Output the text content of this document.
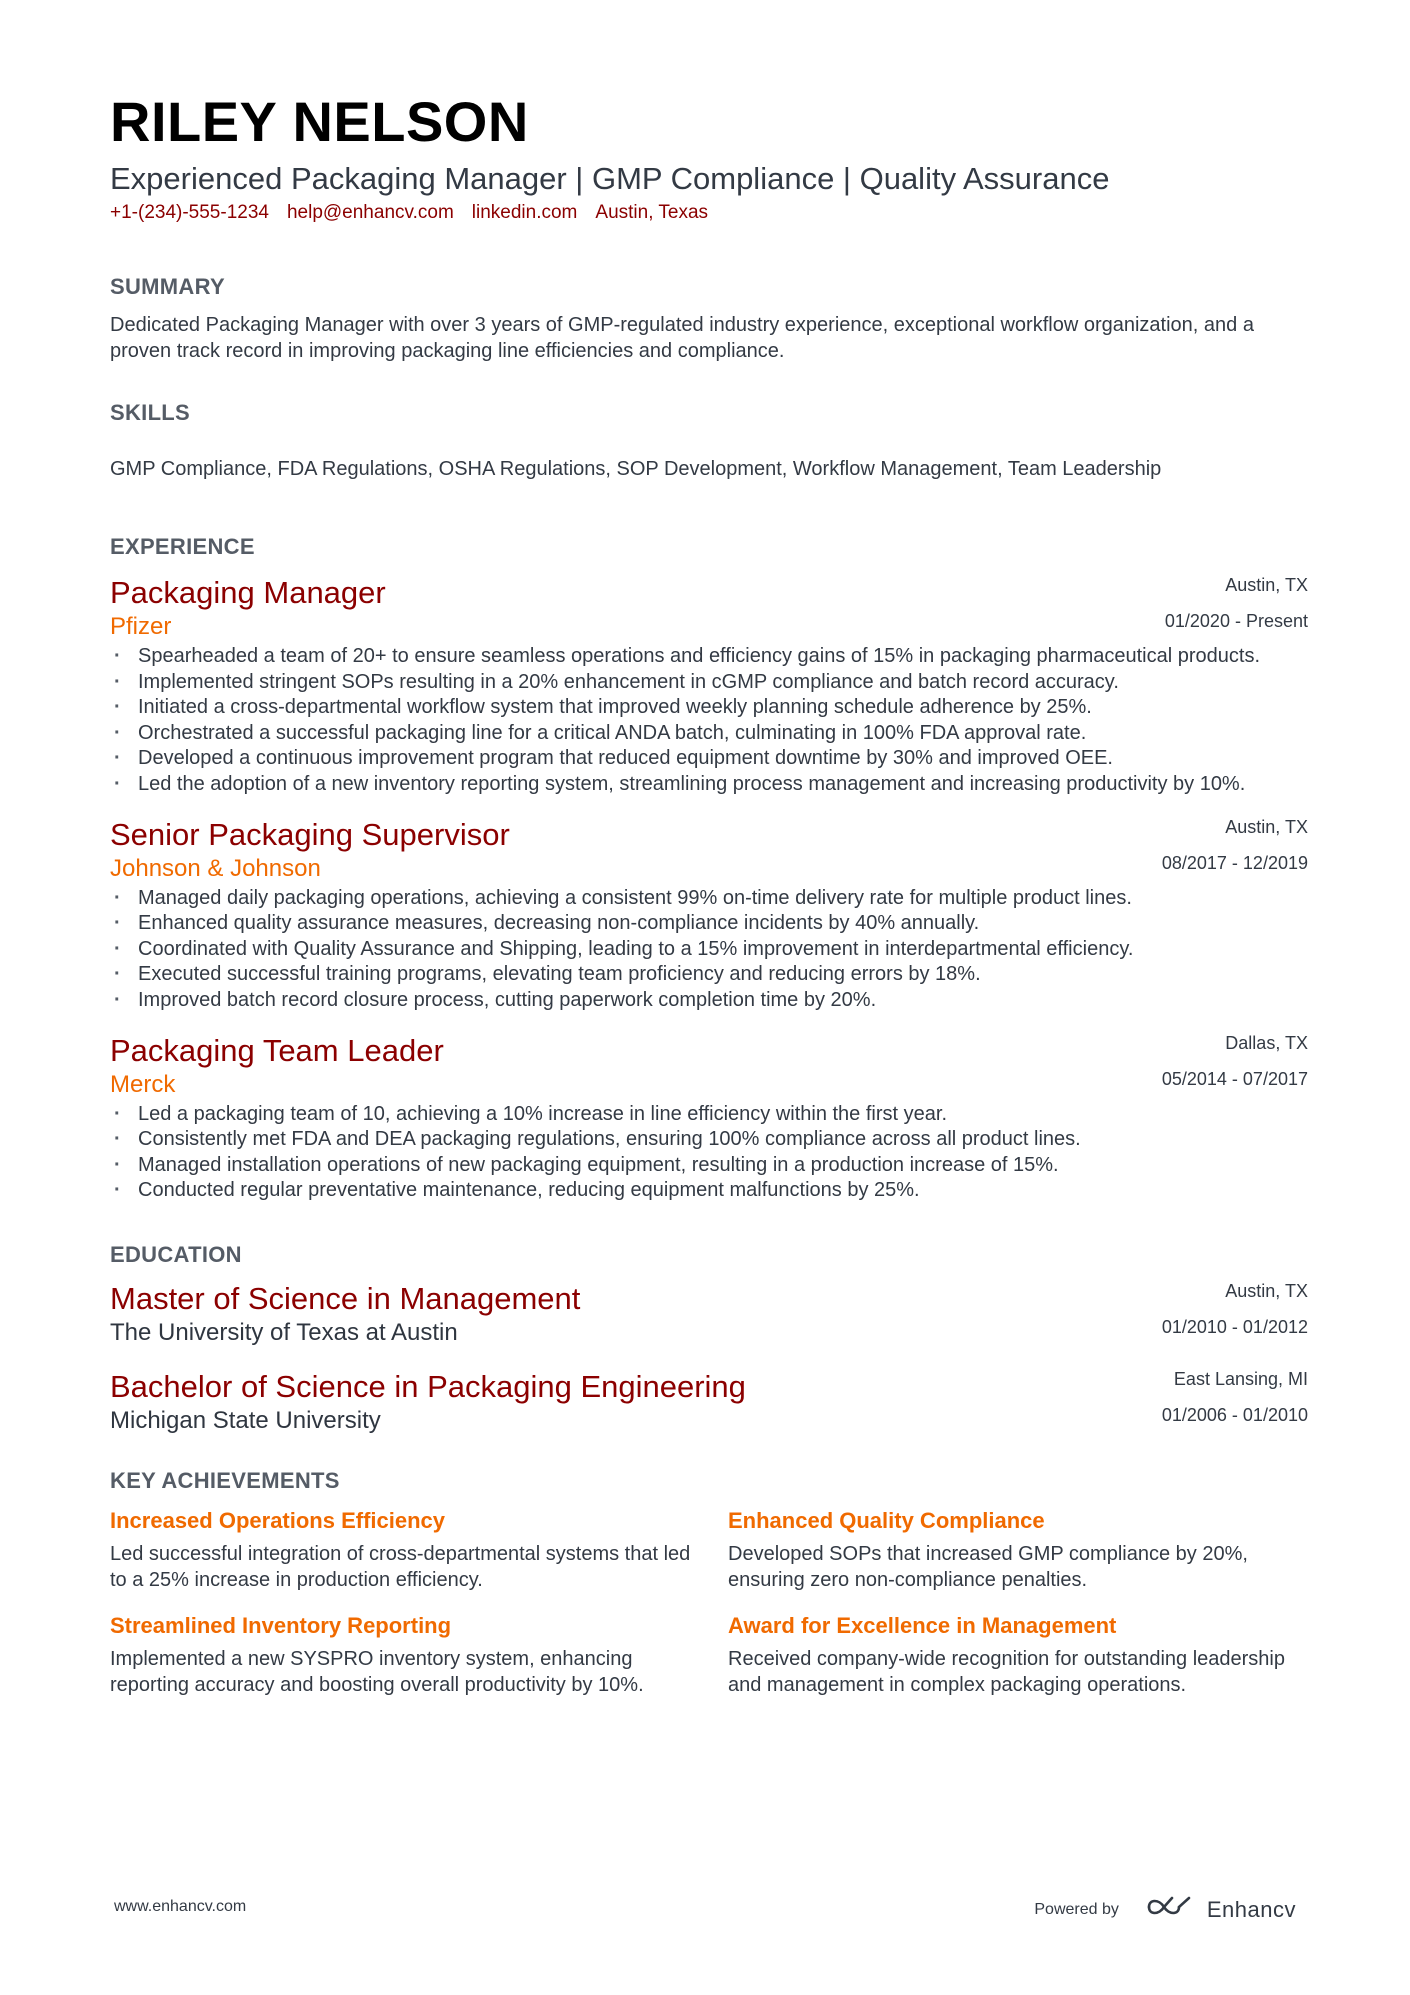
RILEY NELSON
Experienced Packaging Manager | GMP Compliance | Quality Assurance
+1-(234)-555-1234 help@enhancv.com linkedin.com Austin, Texas
SUMMARY
Dedicated Packaging Manager with over 3 years of GMP-regulated industry experience, exceptional workflow organization, and a proven track record in improving packaging line efficiencies and compliance.
SKILLS
GMP Compliance, FDA Regulations, OSHA Regulations, SOP Development, Workflow Management, Team Leadership
EXPERIENCE
Packaging Manager
Pfizer
Austin, TX
01/2020 - Present
· Spearheaded a team of 20+ to ensure seamless operations and efficiency gains of 15% in packaging pharmaceutical products.
· Implemented stringent SOPs resulting in a 20% enhancement in cGMP compliance and batch record accuracy.
· Initiated a cross-departmental workflow system that improved weekly planning schedule adherence by 25%.
· Orchestrated a successful packaging line for a critical ANDA batch, culminating in 100% FDA approval rate.
· Developed a continuous improvement program that reduced equipment downtime by 30% and improved OEE.
· Led the adoption of a new inventory reporting system, streamlining process management and increasing productivity by 10%.
Senior Packaging Supervisor
Johnson & Johnson
Austin, TX
08/2017 - 12/2019
· Managed daily packaging operations, achieving a consistent 99% on-time delivery rate for multiple product lines.
· Enhanced quality assurance measures, decreasing non-compliance incidents by 40% annually.
· Coordinated with Quality Assurance and Shipping, leading to a 15% improvement in interdepartmental efficiency.
· Executed successful training programs, elevating team proficiency and reducing errors by 18%.
· Improved batch record closure process, cutting paperwork completion time by 20%.
Packaging Team Leader
Merck
Dallas, TX
05/2014 - 07/2017
· Led a packaging team of 10, achieving a 10% increase in line efficiency within the first year.
· Consistently met FDA and DEA packaging regulations, ensuring 100% compliance across all product lines.
· Managed installation operations of new packaging equipment, resulting in a production increase of 15%.
· Conducted regular preventative maintenance, reducing equipment malfunctions by 25%.
EDUCATION
Master of Science in Management
The University of Texas at Austin
Austin, TX
01/2010 - 01/2012
Bachelor of Science in Packaging Engineering
Michigan State University
East Lansing, MI
01/2006 - 01/2010
KEY ACHIEVEMENTS
Increased Operations Efficiency
Led successful integration of cross-departmental systems that led to a 25% increase in production efficiency.
Enhanced Quality Compliance
Developed SOPs that increased GMP compliance by 20%, ensuring zero non-compliance penalties.
Streamlined Inventory Reporting
Implemented a new SYSPRO inventory system, enhancing reporting accuracy and boosting overall productivity by 10%.
Award for Excellence in Management
Received company-wide recognition for outstanding leadership and management in complex packaging operations.
www.enhancv.com	Powered by	Enhancv
